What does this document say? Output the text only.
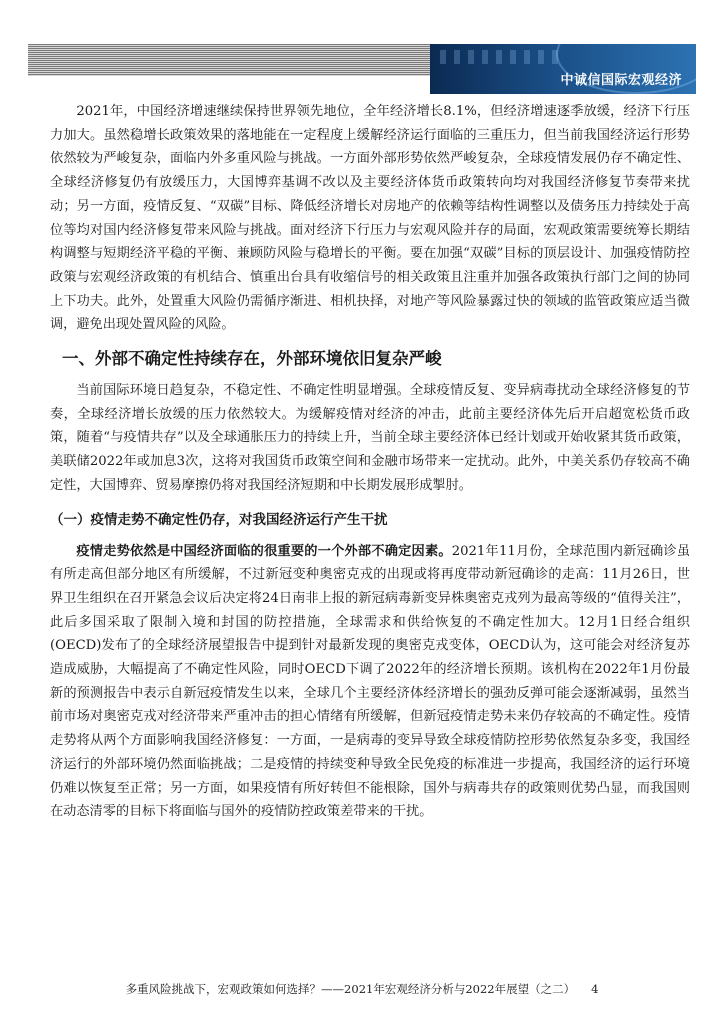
中诚信国际宏观经济

2021年，中国经济增速继续保持世界领先地位，全年经济增长8.1%，但经济增速逐季放缓，经济下行压力加大。虽然稳增长政策效果的落地能在一定程度上缓解经济运行面临的三重压力，但当前我国经济运行形势依然较为严峻复杂，面临内外多重风险与挑战。一方面外部形势依然严峻复杂，全球疫情发展仍存不确定性、全球经济修复仍有放缓压力，大国博弈基调不改以及主要经济体货币政策转向均对我国经济修复节奏带来扰动；另一方面，疫情反复、“双碳”目标、降低经济增长对房地产的依赖等结构性调整以及债务压力持续处于高位等均对国内经济修复带来风险与挑战。面对经济下行压力与宏观风险并存的局面，宏观政策需要统筹长期结构调整与短期经济平稳的平衡、兼顾防风险与稳增长的平衡。要在加强“双碳”目标的顶层设计、加强疫情防控政策与宏观经济政策的有机结合、慎重出台具有收缩信号的相关政策且注重并加强各政策执行部门之间的协同上下功夫。此外，处置重大风险仍需循序渐进、相机抉择，对地产等风险暴露过快的领域的监管政策应适当微调，避免出现处置风险的风险。

一、外部不确定性持续存在，外部环境依旧复杂严峻

当前国际环境日趋复杂，不稳定性、不确定性明显增强。全球疫情反复、变异病毒扰动全球经济修复的节奏，全球经济增长放缓的压力依然较大。为缓解疫情对经济的冲击，此前主要经济体先后开启超宽松货币政策，随着“与疫情共存”以及全球通胀压力的持续上升，当前全球主要经济体已经计划或开始收紧其货币政策，美联储2022年或加息3次，这将对我国货币政策空间和金融市场带来一定扰动。此外，中美关系仍存较高不确定性，大国博弈、贸易摩擦仍将对我国经济短期和中长期发展形成掣肘。

（一）疫情走势不确定性仍存，对我国经济运行产生干扰

疫情走势依然是中国经济面临的很重要的一个外部不确定因素。2021年11月份，全球范围内新冠确诊虽有所走高但部分地区有所缓解，不过新冠变种奥密克戎的出现或将再度带动新冠确诊的走高：11月26日，世界卫生组织在召开紧急会议后决定将24日南非上报的新冠病毒新变异株奥密克戎列为最高等级的“值得关注”，此后多国采取了限制入境和封国的防控措施，全球需求和供给恢复的不确定性加大。12月1日经合组织(OECD)发布了的全球经济展望报告中提到针对最新发现的奥密克戎变体，OECD认为，这可能会对经济复苏造成威胁，大幅提高了不确定性风险，同时OECD下调了2022年的经济增长预期。该机构在2022年1月份最新的预测报告中表示自新冠疫情发生以来，全球几个主要经济体经济增长的强劲反弹可能会逐渐减弱，虽然当前市场对奥密克戎对经济带来严重冲击的担心情绪有所缓解，但新冠疫情走势未来仍存较高的不确定性。疫情走势将从两个方面影响我国经济修复：一方面，一是病毒的变异导致全球疫情防控形势依然复杂多变，我国经济运行的外部环境仍然面临挑战；二是疫情的持续变种导致全民免疫的标准进一步提高，我国经济的运行环境仍难以恢复至正常；另一方面，如果疫情有所好转但不能根除，国外与病毒共存的政策则优势凸显，而我国则在动态清零的目标下将面临与国外的疫情防控政策差带来的干扰。

多重风险挑战下，宏观政策如何选择？——2021年宏观经济分析与2022年展望（之二） 4
